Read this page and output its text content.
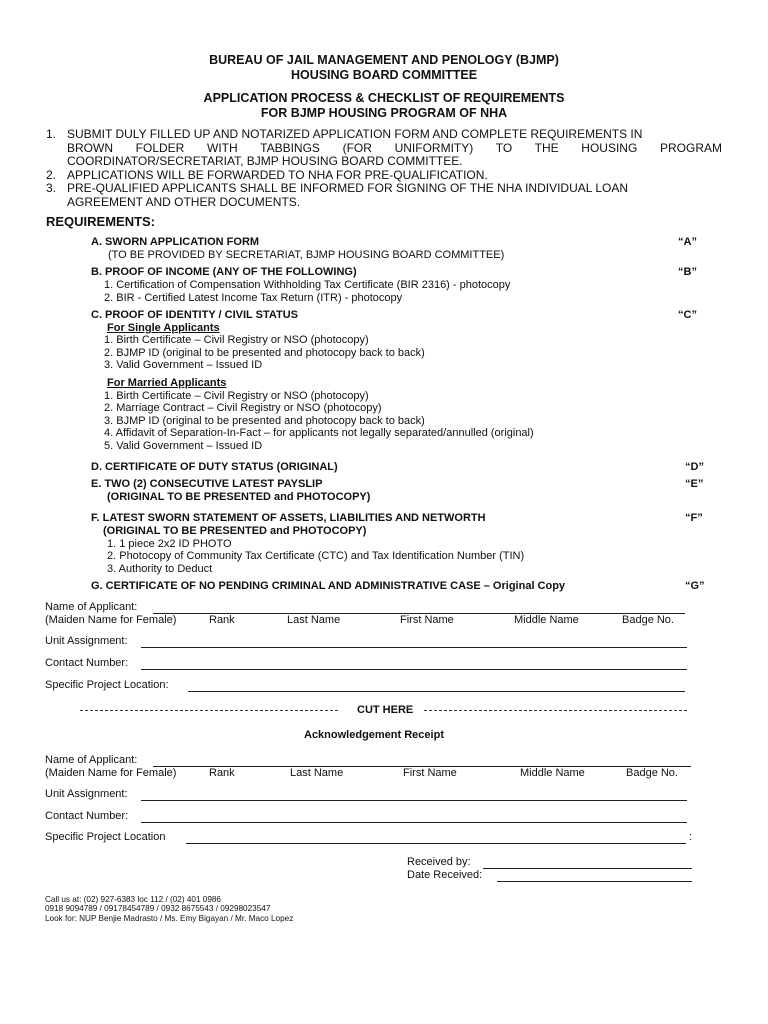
BUREAU OF JAIL MANAGEMENT AND PENOLOGY (BJMP)
HOUSING BOARD COMMITTEE
APPLICATION PROCESS & CHECKLIST OF REQUIREMENTS
FOR BJMP HOUSING PROGRAM OF NHA
1. SUBMIT DULY FILLED UP AND NOTARIZED APPLICATION FORM AND COMPLETE REQUIREMENTS IN
BROWN FOLDER WITH TABBINGS (FOR UNIFORMITY) TO THE HOUSING PROGRAM
COORDINATOR/SECRETARIAT, BJMP HOUSING BOARD COMMITTEE.
2. APPLICATIONS WILL BE FORWARDED TO NHA FOR PRE-QUALIFICATION.
3. PRE-QUALIFIED APPLICANTS SHALL BE INFORMED FOR SIGNING OF THE NHA INDIVIDUAL LOAN
AGREEMENT AND OTHER DOCUMENTS.
REQUIREMENTS:
A. SWORN APPLICATION FORM	“A”
(TO BE PROVIDED BY SECRETARIAT, BJMP HOUSING BOARD COMMITTEE)
B. PROOF OF INCOME (ANY OF THE FOLLOWING)	“B”
1. Certification of Compensation Withholding Tax Certificate (BIR 2316) - photocopy
2. BIR - Certified Latest Income Tax Return (ITR) - photocopy
C. PROOF OF IDENTITY / CIVIL STATUS	“C”
For Single Applicants
1. Birth Certificate – Civil Registry or NSO (photocopy)
2. BJMP ID (original to be presented and photocopy back to back)
3. Valid Government – Issued ID
For Married Applicants
1. Birth Certificate – Civil Registry or NSO (photocopy)
2. Marriage Contract – Civil Registry or NSO (photocopy)
3. BJMP ID (original to be presented and photocopy back to back)
4. Affidavit of Separation-In-Fact – for applicants not legally separated/annulled (original)
5. Valid Government – Issued ID
D. CERTIFICATE OF DUTY STATUS (ORIGINAL)	“D”
E. TWO (2) CONSECUTIVE LATEST PAYSLIP	“E”
(ORIGINAL TO BE PRESENTED and PHOTOCOPY)
F. LATEST SWORN STATEMENT OF ASSETS, LIABILITIES AND NETWORTH	“F”
(ORIGINAL TO BE PRESENTED and PHOTOCOPY)
1. 1 piece 2x2 ID PHOTO
2. Photocopy of Community Tax Certificate (CTC) and Tax Identification Number (TIN)
3. Authority to Deduct
G. CERTIFICATE OF NO PENDING CRIMINAL AND ADMINISTRATIVE CASE – Original Copy	“G”
Name of Applicant:
(Maiden Name for Female)	Rank	Last Name	First Name	Middle Name	Badge No.
Unit Assignment:
Contact Number:
Specific Project Location:
CUT HERE
Acknowledgement Receipt
Name of Applicant:
(Maiden Name for Female)	Rank	Last Name	First Name	Middle Name	Badge No.
Unit Assignment:
Contact Number:
Specific Project Location	:
Received by:
Date Received:
Call us at: (02) 927-6383 loc 112 / (02) 401 0986
0918 9094789 / 09178454789 / 0932 8675543 / 09298023547
Look for: NUP Benjie Madrasto / Ms. Emy Bigayan / Mr. Maco Lopez
